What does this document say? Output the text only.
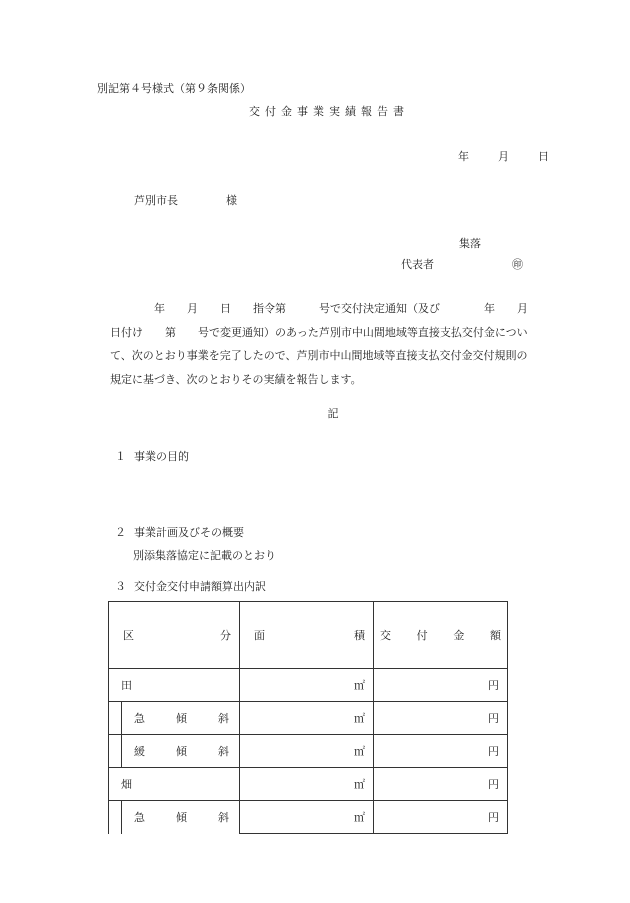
別記第４号様式（第９条関係）
交付金事業実績報告書
年	月	日
芦別市長	様
集落
代表者	㊞
　　　　年　　月　　日　　指令第　　　号で交付決定通知（及び　　　　年　　月　　日付け　　第　　号で変更通知）のあった芦別市中山間地域等直接支払交付金について、次のとおり事業を完了したので、芦別市中山間地域等直接支払交付金交付規則の規定に基づき、次のとおりその実績を報告します。
記
１ 事業の目的
２ 事業計画及びその概要
別添集落協定に記載のとおり
３ 交付金交付申請額算出内訳
区 分	面 積	交 付 金 額

田	㎡	円

急 傾 斜	㎡	円

緩 傾 斜	㎡	円
畑	㎡	円

急 傾 斜	㎡	円
